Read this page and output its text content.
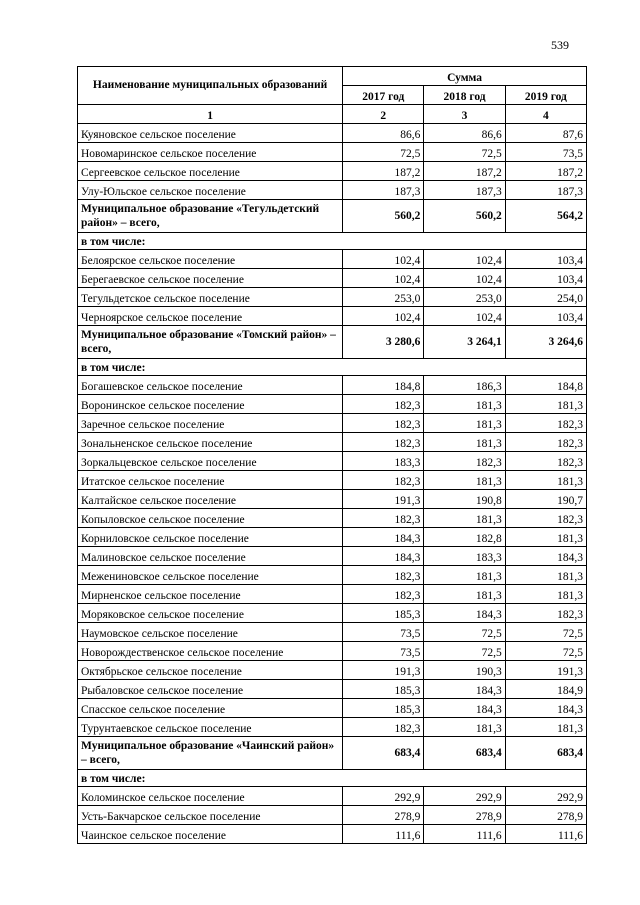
539
Наименование муниципальных образований	Сумма		
	2017 год	2018 год	2019 год
1	2	3	4
Куяновское сельское поселение	86,6	86,6	87,6
Новомаринское сельское поселение	72,5	72,5	73,5
Сергеевское сельское поселение	187,2	187,2	187,2
Улу-Юльское сельское поселение	187,3	187,3	187,3
Муниципальное образование «Тегульдетский район» – всего,	560,2	560,2	564,2
в том числе:			
Белоярское сельское поселение	102,4	102,4	103,4
Берегаевское сельское поселение	102,4	102,4	103,4
Тегульдетское сельское поселение	253,0	253,0	254,0
Черноярское сельское поселение	102,4	102,4	103,4
Муниципальное образование «Томский район» – всего,	3 280,6	3 264,1	3 264,6
в том числе:			
Богашевское сельское поселение	184,8	186,3	184,8
Воронинское сельское поселение	182,3	181,3	181,3
Заречное сельское поселение	182,3	181,3	182,3
Зональненское сельское поселение	182,3	181,3	182,3
Зоркальцевское сельское поселение	183,3	182,3	182,3
Итатское сельское поселение	182,3	181,3	181,3
Калтайское сельское поселение	191,3	190,8	190,7
Копыловское сельское поселение	182,3	181,3	182,3
Корниловское сельское поселение	184,3	182,8	181,3
Малиновское сельское поселение	184,3	183,3	184,3
Межениновское сельское поселение	182,3	181,3	181,3
Мирненское сельское поселение	182,3	181,3	181,3
Моряковское сельское поселение	185,3	184,3	182,3
Наумовское сельское поселение	73,5	72,5	72,5
Новорождественское сельское поселение	73,5	72,5	72,5
Октябрьское сельское поселение	191,3	190,3	191,3
Рыбаловское сельское поселение	185,3	184,3	184,9
Спасское сельское поселение	185,3	184,3	184,3
Турунтаевское сельское поселение	182,3	181,3	181,3
Муниципальное образование «Чаинский район» – всего,	683,4	683,4	683,4
в том числе:			
Коломинское сельское поселение	292,9	292,9	292,9
Усть-Бакчарское сельское поселение	278,9	278,9	278,9
Чаинское сельское поселение	111,6	111,6	111,6
